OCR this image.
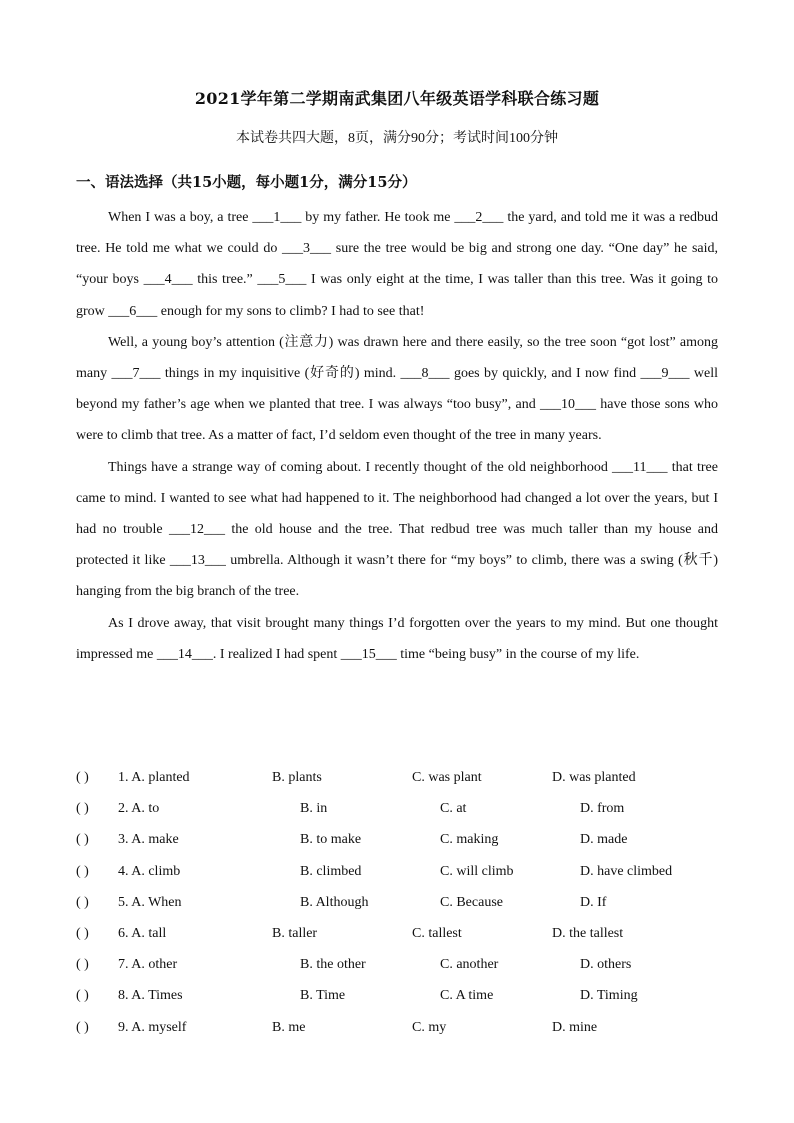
2021学年第二学期南武集团八年级英语学科联合练习题
本试卷共四大题，8页，满分90分；考试时间100分钟
一、语法选择（共15小题，每小题1分，满分15分）

When I was a boy, a tree ___1___ by my father. He took me ___2___ the yard, and told me it was a redbud tree. He told me what we could do ___3___ sure the tree would be big and strong one day. “One day” he said, “your boys ___4___ this tree.” ___5___ I was only eight at the time, I was taller than this tree. Was it going to grow ___6___ enough for my sons to climb? I had to see that!

Well, a young boy’s attention (注意力) was drawn here and there easily, so the tree soon “got lost” among many ___7___ things in my inquisitive (好奇的) mind. ___8___ goes by quickly, and I now find ___9___ well beyond my father’s age when we planted that tree. I was always “too busy”, and ___10___ have those sons who were to climb that tree. As a matter of fact, I’d seldom even thought of the tree in many years.

Things have a strange way of coming about. I recently thought of the old neighborhood ___11___ that tree came to mind. I wanted to see what had happened to it. The neighborhood had changed a lot over the years, but I had no trouble ___12___ the old house and the tree. That redbud tree was much taller than my house and protected it like ___13___ umbrella. Although it wasn’t there for “my boys” to climb, there was a swing (秋千) hanging from the big branch of the tree.

As I drove away, that visit brought many things I’d forgotten over the years to my mind. But one thought impressed me ___14___. I realized I had spent ___15___ time “being busy” in the course of my life.

( ) 1. A. planted	B. plants	C. was plant	D. was planted
( ) 2. A. to	B. in	C. at	D. from
( ) 3. A. make	B. to make	C. making	D. made
( ) 4. A. climb	B. climbed	C. will climb	D. have climbed
( ) 5. A. When	B. Although	C. Because	D. If
( ) 6. A. tall	B. taller	C. tallest	D. the tallest
( ) 7. A. other	B. the other	C. another	D. others
( ) 8. A. Times	B. Time	C. A time	D. Timing
( ) 9. A. myself	B. me	C. my	D. mine
